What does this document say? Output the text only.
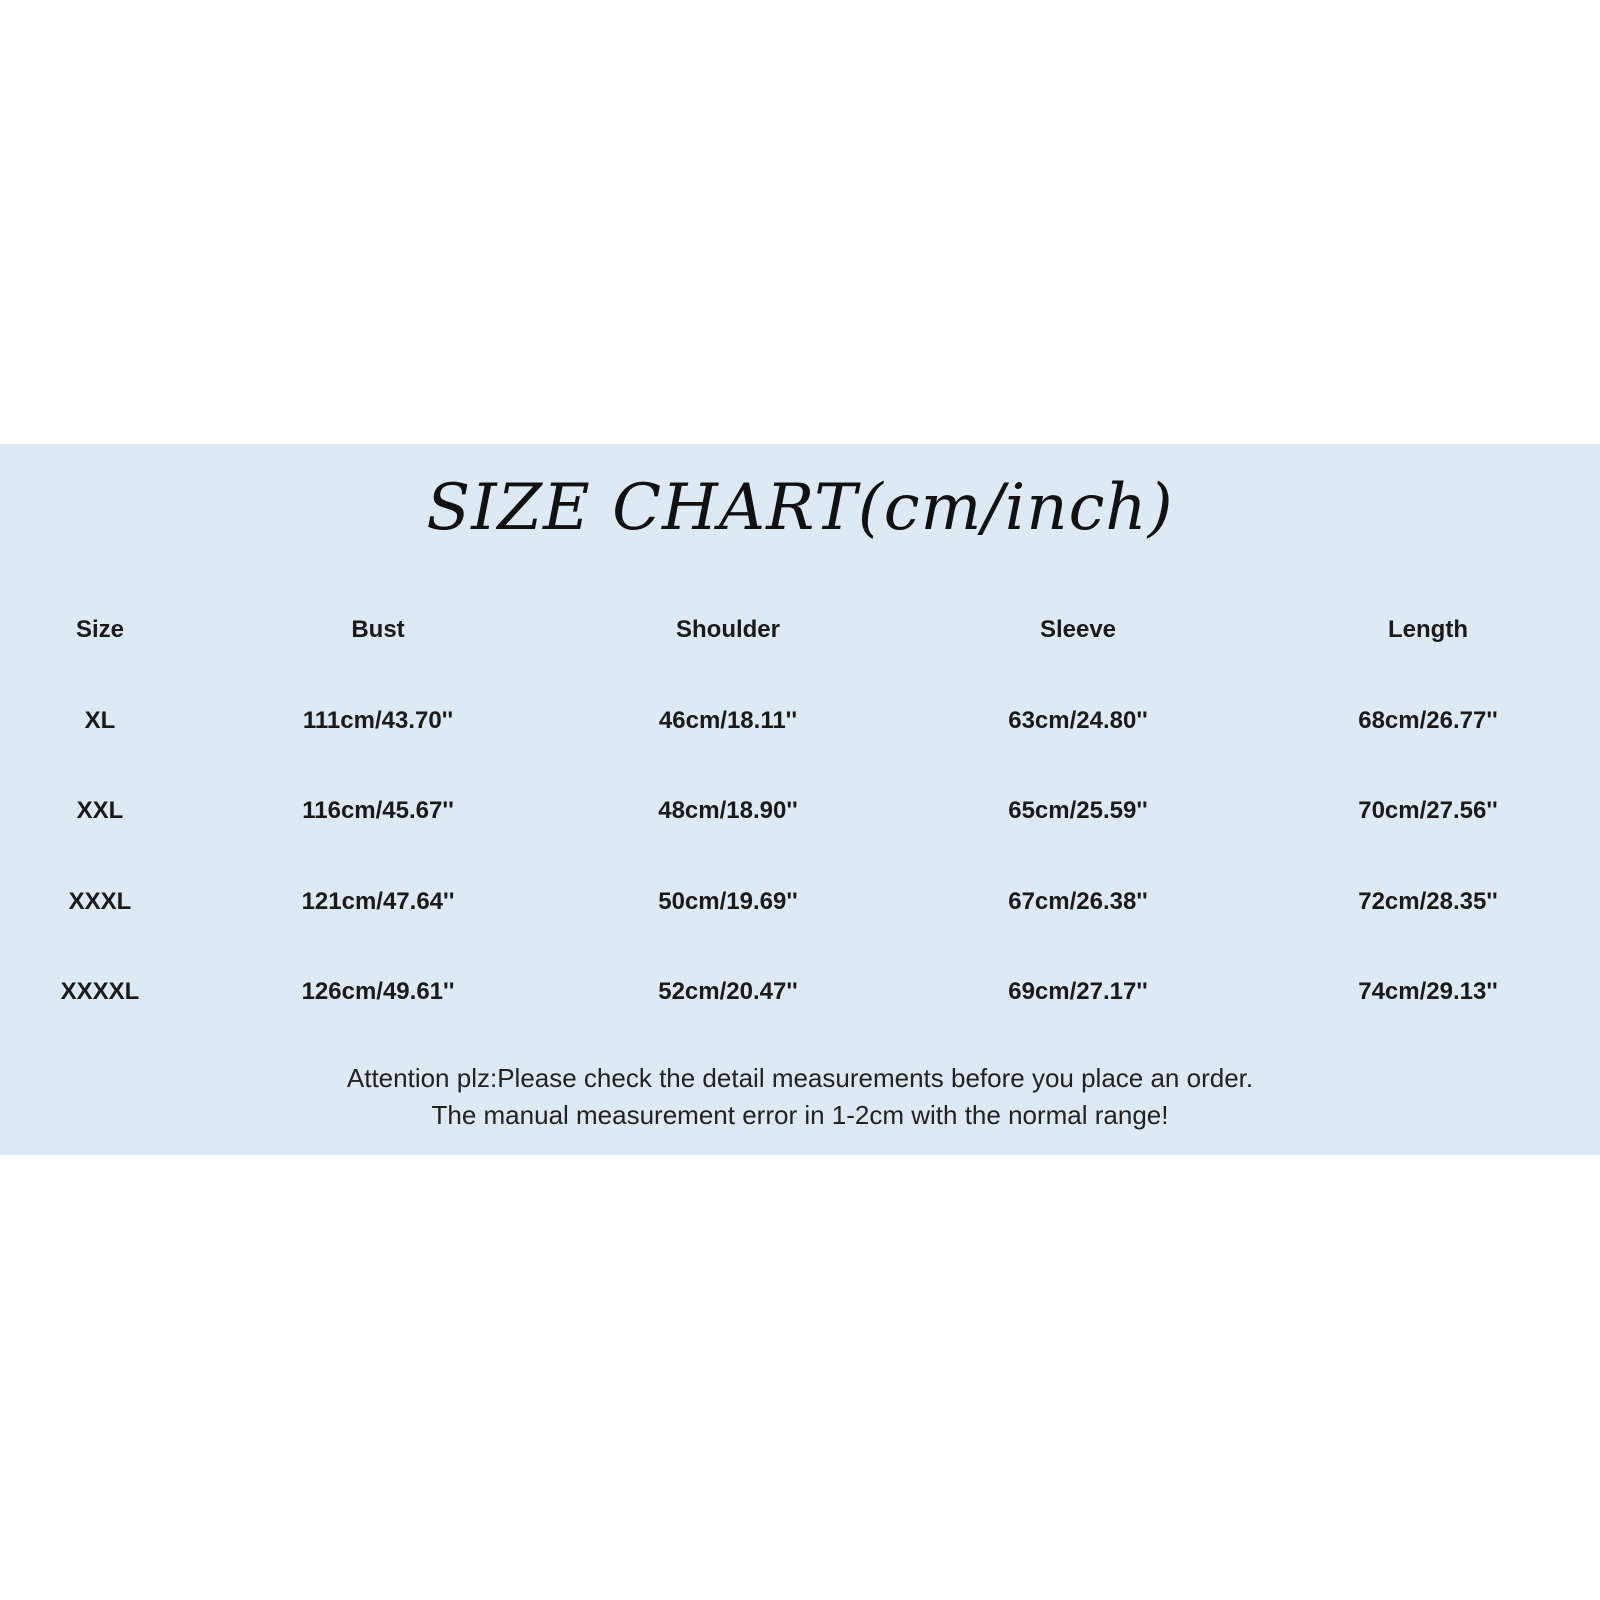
SIZE CHART(cm/inch)
Size	Bust	Shoulder	Sleeve	Length
XL	111cm/43.70''	46cm/18.11''	63cm/24.80''	68cm/26.77''
XXL	116cm/45.67''	48cm/18.90''	65cm/25.59''	70cm/27.56''
XXXL	121cm/47.64''	50cm/19.69''	67cm/26.38''	72cm/28.35''
XXXXL	126cm/49.61''	52cm/20.47''	69cm/27.17''	74cm/29.13''
Attention plz:Please check the detail measurements before you place an order.
The manual measurement error in 1-2cm with the normal range!
